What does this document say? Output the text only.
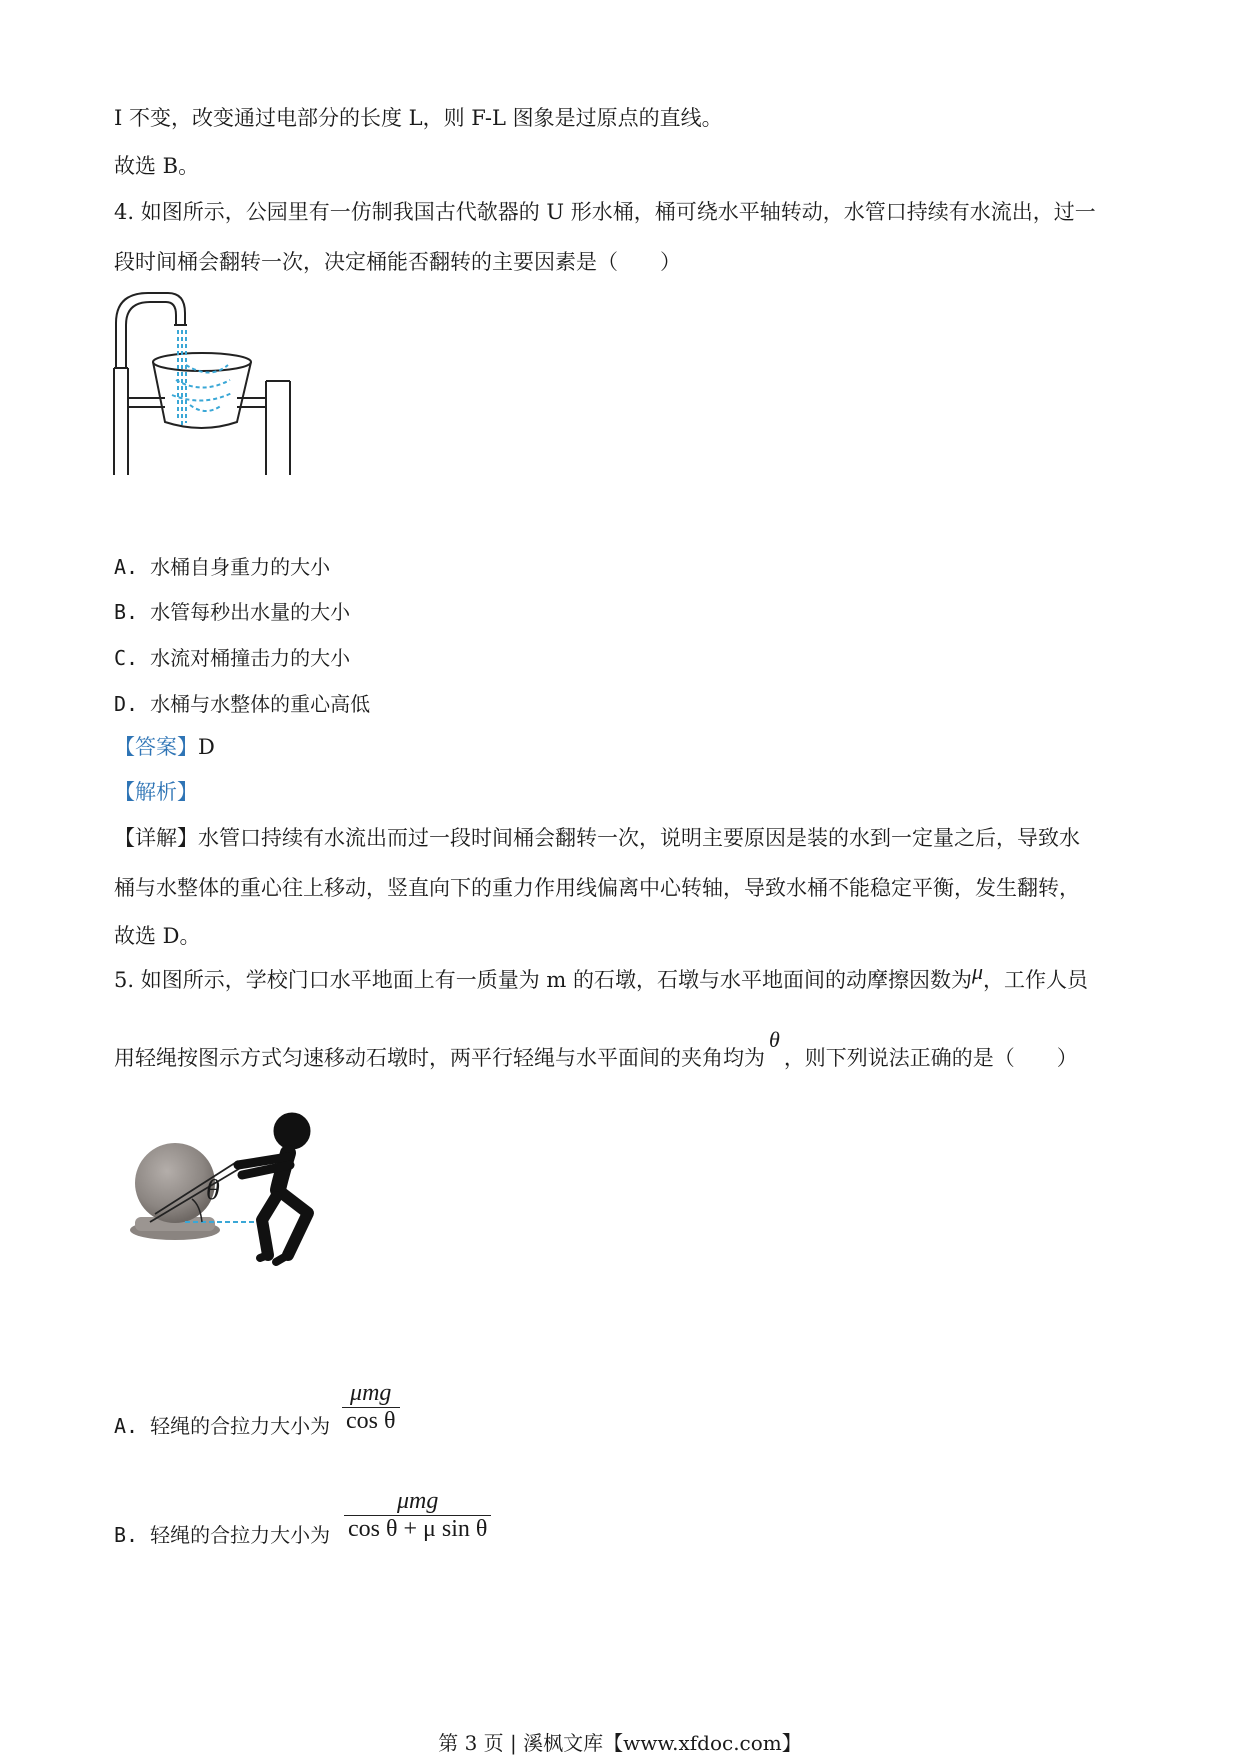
I 不变，改变通过电部分的长度 L，则 F-L 图象是过原点的直线。
故选 B。
4. 如图所示，公园里有一仿制我国古代欹器的 U 形水桶，桶可绕水平轴转动，水管口持续有水流出，过一
段时间桶会翻转一次，决定桶能否翻转的主要因素是（　　）
A. 水桶自身重力的大小
B. 水管每秒出水量的大小
C. 水流对桶撞击力的大小
D. 水桶与水整体的重心高低
【答案】D
【解析】
【详解】水管口持续有水流出而过一段时间桶会翻转一次，说明主要原因是装的水到一定量之后，导致水
桶与水整体的重心往上移动，竖直向下的重力作用线偏离中心转轴，导致水桶不能稳定平衡，发生翻转，
故选 D。
5. 如图所示，学校门口水平地面上有一质量为 m 的石墩，石墩与水平地面间的动摩擦因数为μ，工作人员
用轻绳按图示方式匀速移动石墩时，两平行轻绳与水平面间的夹角均为θ，则下列说法正确的是（　　）
θ
A. 轻绳的合拉力大小为
μmg
cos θ
B. 轻绳的合拉力大小为
μmg
cos θ + μ sin θ
第 3 页 | 溪枫文库【www.xfdoc.com】
